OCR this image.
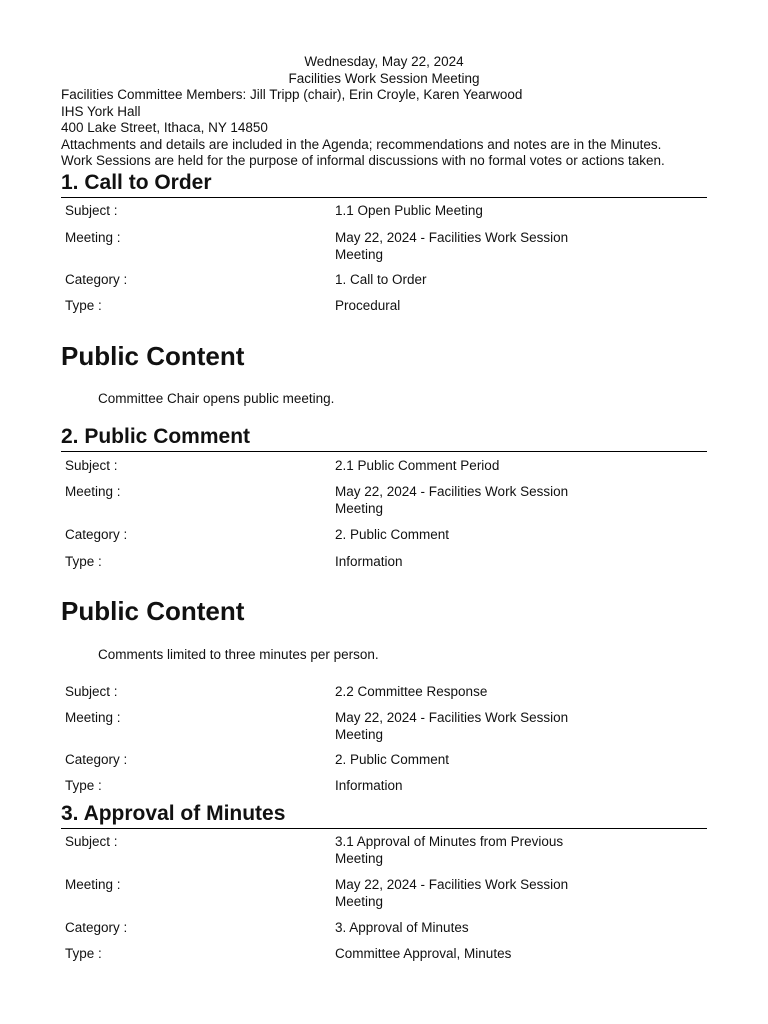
Wednesday, May 22, 2024
Facilities Work Session Meeting
Facilities Committee Members: Jill Tripp (chair), Erin Croyle, Karen Yearwood
IHS York Hall
400 Lake Street, Ithaca, NY 14850
Attachments and details are included in the Agenda; recommendations and notes are in the Minutes.
Work Sessions are held for the purpose of informal discussions with no formal votes or actions taken.
1. Call to Order
Subject :	1.1 Open Public Meeting
Meeting :	May 22, 2024 - Facilities Work Session Meeting
Category :	1. Call to Order
Type :	Procedural
Public Content
Committee Chair opens public meeting.
2. Public Comment
Subject :	2.1 Public Comment Period
Meeting :	May 22, 2024 - Facilities Work Session Meeting
Category :	2. Public Comment
Type :	Information
Public Content
Comments limited to three minutes per person.
Subject :	2.2 Committee Response
Meeting :	May 22, 2024 - Facilities Work Session Meeting
Category :	2. Public Comment
Type :	Information
3. Approval of Minutes
Subject :	3.1 Approval of Minutes from Previous Meeting
Meeting :	May 22, 2024 - Facilities Work Session Meeting
Category :	3. Approval of Minutes
Type :	Committee Approval, Minutes
